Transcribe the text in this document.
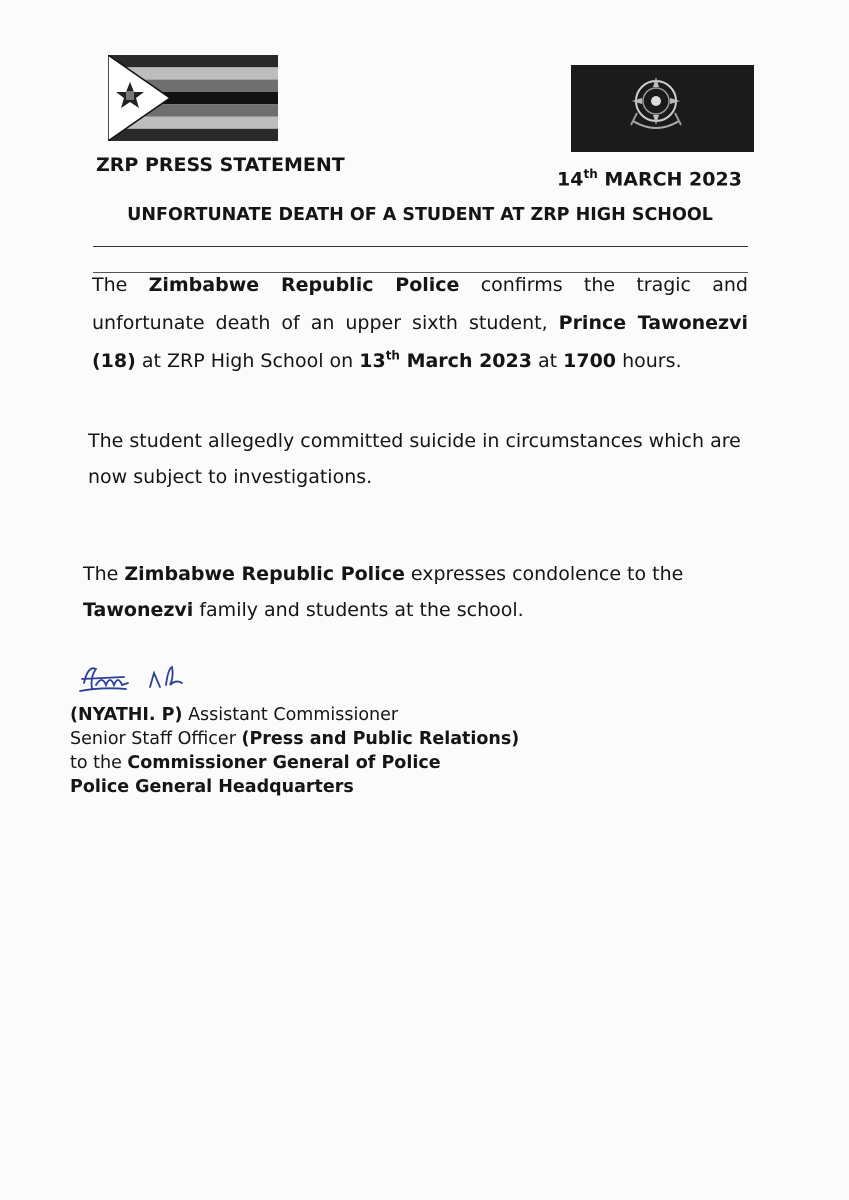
ZRP PRESS STATEMENT
14th MARCH 2023
UNFORTUNATE DEATH OF A STUDENT AT ZRP HIGH SCHOOL
The Zimbabwe Republic Police confirms the tragic and unfortunate death of an upper sixth student, Prince Tawonezvi (18) at ZRP High School on 13th March 2023 at 1700 hours.
The student allegedly committed suicide in circumstances which are now subject to investigations.
The Zimbabwe Republic Police expresses condolence to the Tawonezvi family and students at the school.
(NYATHI. P) Assistant Commissioner
Senior Staff Officer (Press and Public Relations)
to the Commissioner General of Police
Police General Headquarters
